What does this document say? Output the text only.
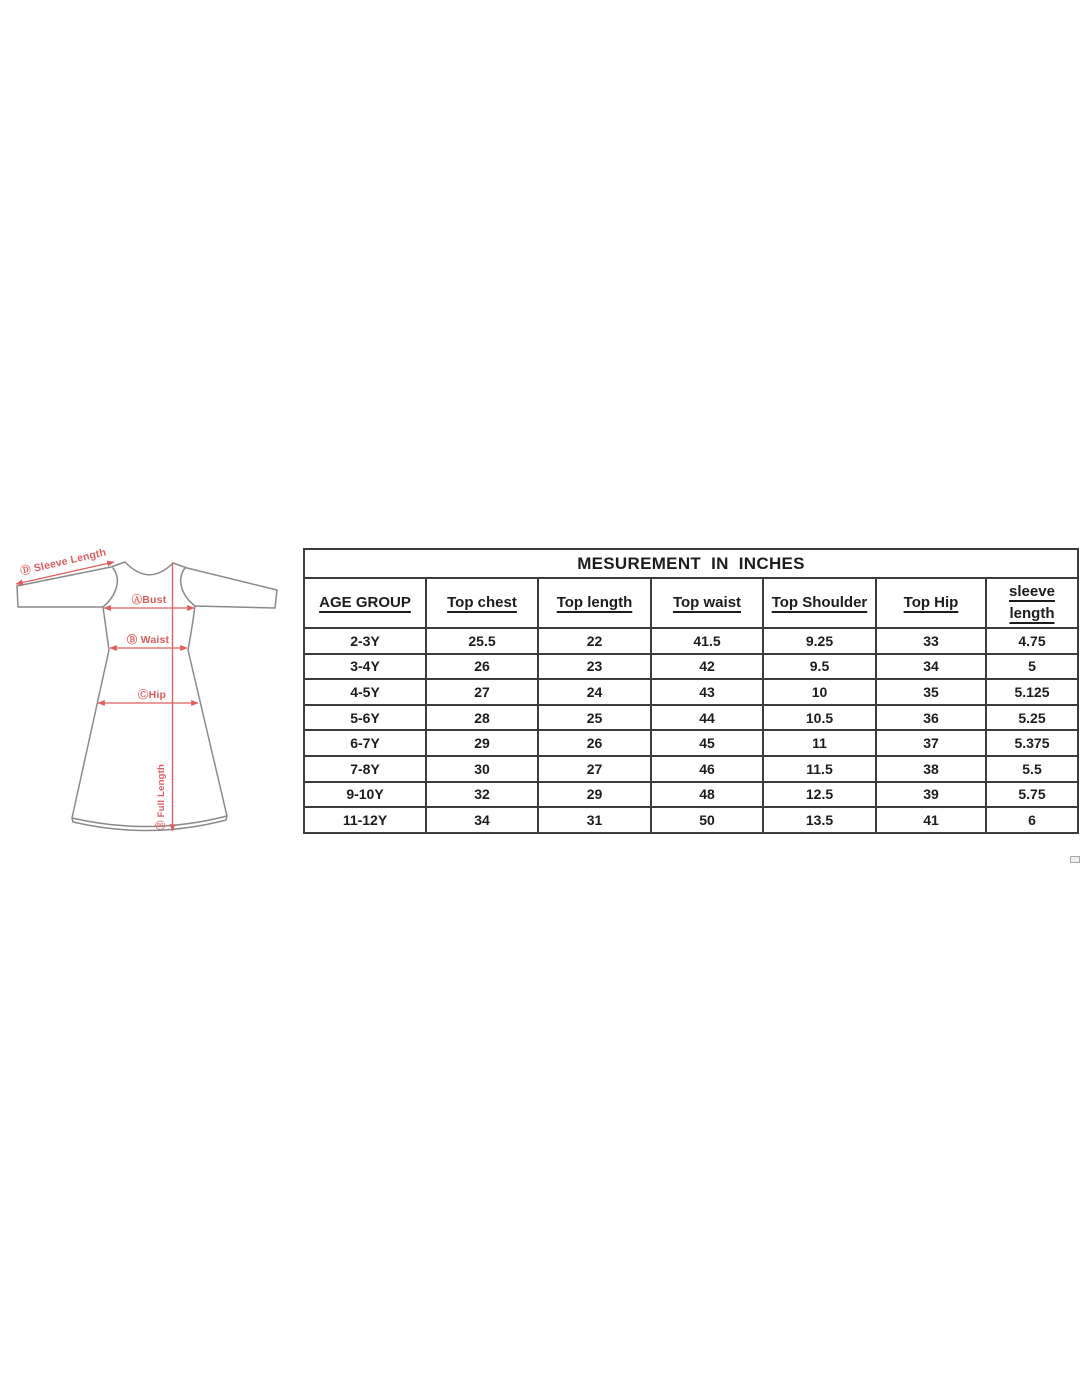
Ⓓ Sleeve Length
ⒶBust
Ⓑ Waist
ⒸHip
Ⓔ Full Length
MESUREMENT  IN  INCHES						
AGE GROUP	Top chest	Top length	Top waist	Top Shoulder	Top Hip	sleeve length
2-3Y	25.5	22	41.5	9.25	33	4.75
3-4Y	26	23	42	9.5	34	5
4-5Y	27	24	43	10	35	5.125
5-6Y	28	25	44	10.5	36	5.25
6-7Y	29	26	45	11	37	5.375
7-8Y	30	27	46	11.5	38	5.5
9-10Y	32	29	48	12.5	39	5.75
11-12Y	34	31	50	13.5	41	6
